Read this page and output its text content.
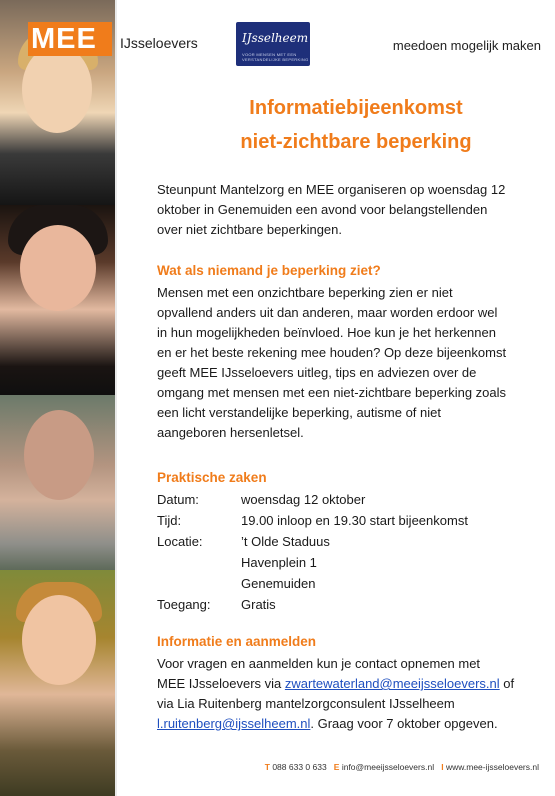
MEE	IJsseloevers	IJsselheem
VOOR MENSEN MET EEN VERSTANDELIJKE BEPERKING
meedoen mogelijk maken
Informatiebijeenkomst
niet-zichtbare beperking
Steunpunt Mantelzorg en MEE organiseren op woensdag 12
oktober in Genemuiden een avond voor belangstellenden
over niet zichtbare beperkingen.
Wat als niemand je beperking ziet?
Mensen met een onzichtbare beperking zien er niet
opvallend anders uit dan anderen, maar worden erdoor wel
in hun mogelijkheden beïnvloed. Hoe kun je het herkennen
en er het beste rekening mee houden? Op deze bijeenkomst
geeft MEE IJsseloevers uitleg, tips en adviezen over de
omgang met mensen met een niet-zichtbare beperking zoals
een licht verstandelijke beperking, autisme of niet
aangeboren hersenletsel.
Praktische zaken
Datum:	woensdag 12 oktober
Tijd:	19.00 inloop en 19.30 start bijeenkomst
Locatie:	’t Olde Staduus
Havenplein 1
Genemuiden
Toegang:	Gratis
Informatie en aanmelden
Voor vragen en aanmelden kun je contact opnemen met
MEE IJsseloevers via zwartewaterland@meeijsseloevers.nl of
via Lia Ruitenberg mantelzorgconsulent IJsselheem
l.ruitenberg@ijsselheem.nl. Graag voor 7 oktober opgeven.
T 088 633 0 633 E info@meeijsseloevers.nl I www.mee-ijsseloevers.nl
